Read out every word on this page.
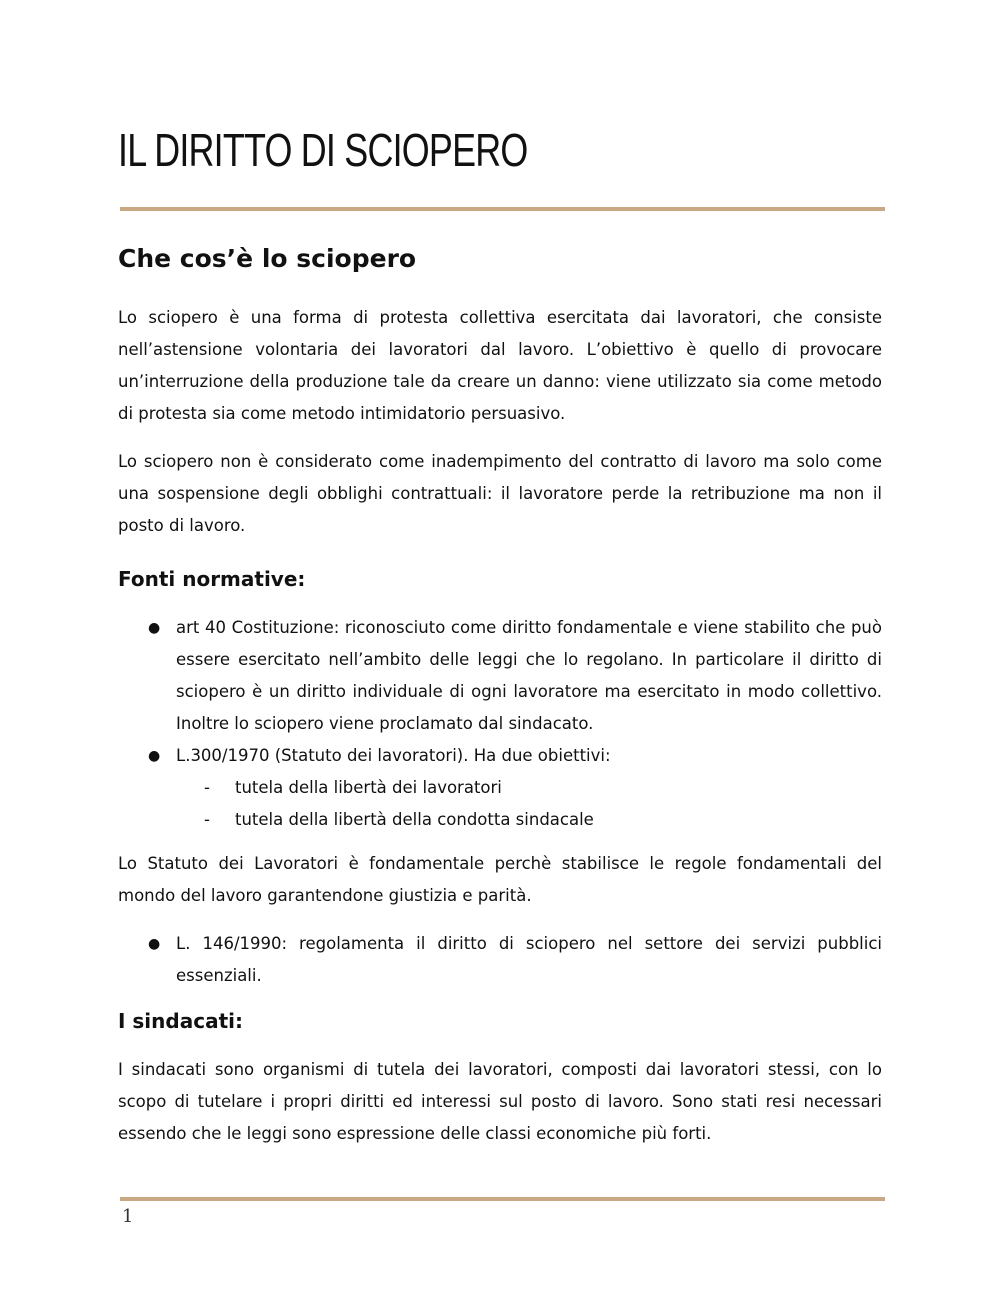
IL DIRITTO DI SCIOPERO
Che cos’è lo sciopero

Lo sciopero è una forma di protesta collettiva esercitata dai lavoratori, che consiste nell’astensione volontaria dei lavoratori dal lavoro. L’obiettivo è quello di provocare un’interruzione della produzione tale da creare un danno: viene utilizzato sia come metodo di protesta sia come metodo intimidatorio persuasivo.

Lo sciopero non è considerato come inadempimento del contratto di lavoro ma solo come una sospensione degli obblighi contrattuali: il lavoratore perde la retribuzione ma non il posto di lavoro.

Fonti normative:
● art 40 Costituzione: riconosciuto come diritto fondamentale e viene stabilito che può essere esercitato nell’ambito delle leggi che lo regolano. In particolare il diritto di sciopero è un diritto individuale di ogni lavoratore ma esercitato in modo collettivo. Inoltre lo sciopero viene proclamato dal sindacato.
● L.300/1970 (Statuto dei lavoratori). Ha due obiettivi:
- tutela della libertà dei lavoratori
- tutela della libertà della condotta sindacale

Lo Statuto dei Lavoratori è fondamentale perchè stabilisce le regole fondamentali del mondo del lavoro garantendone giustizia e parità.

● L. 146/1990: regolamenta il diritto di sciopero nel settore dei servizi pubblici essenziali.
I sindacati:

I sindacati sono organismi di tutela dei lavoratori, composti dai lavoratori stessi, con lo scopo di tutelare i propri diritti ed interessi sul posto di lavoro. Sono stati resi necessari essendo che le leggi sono espressione delle classi economiche più forti.

1
